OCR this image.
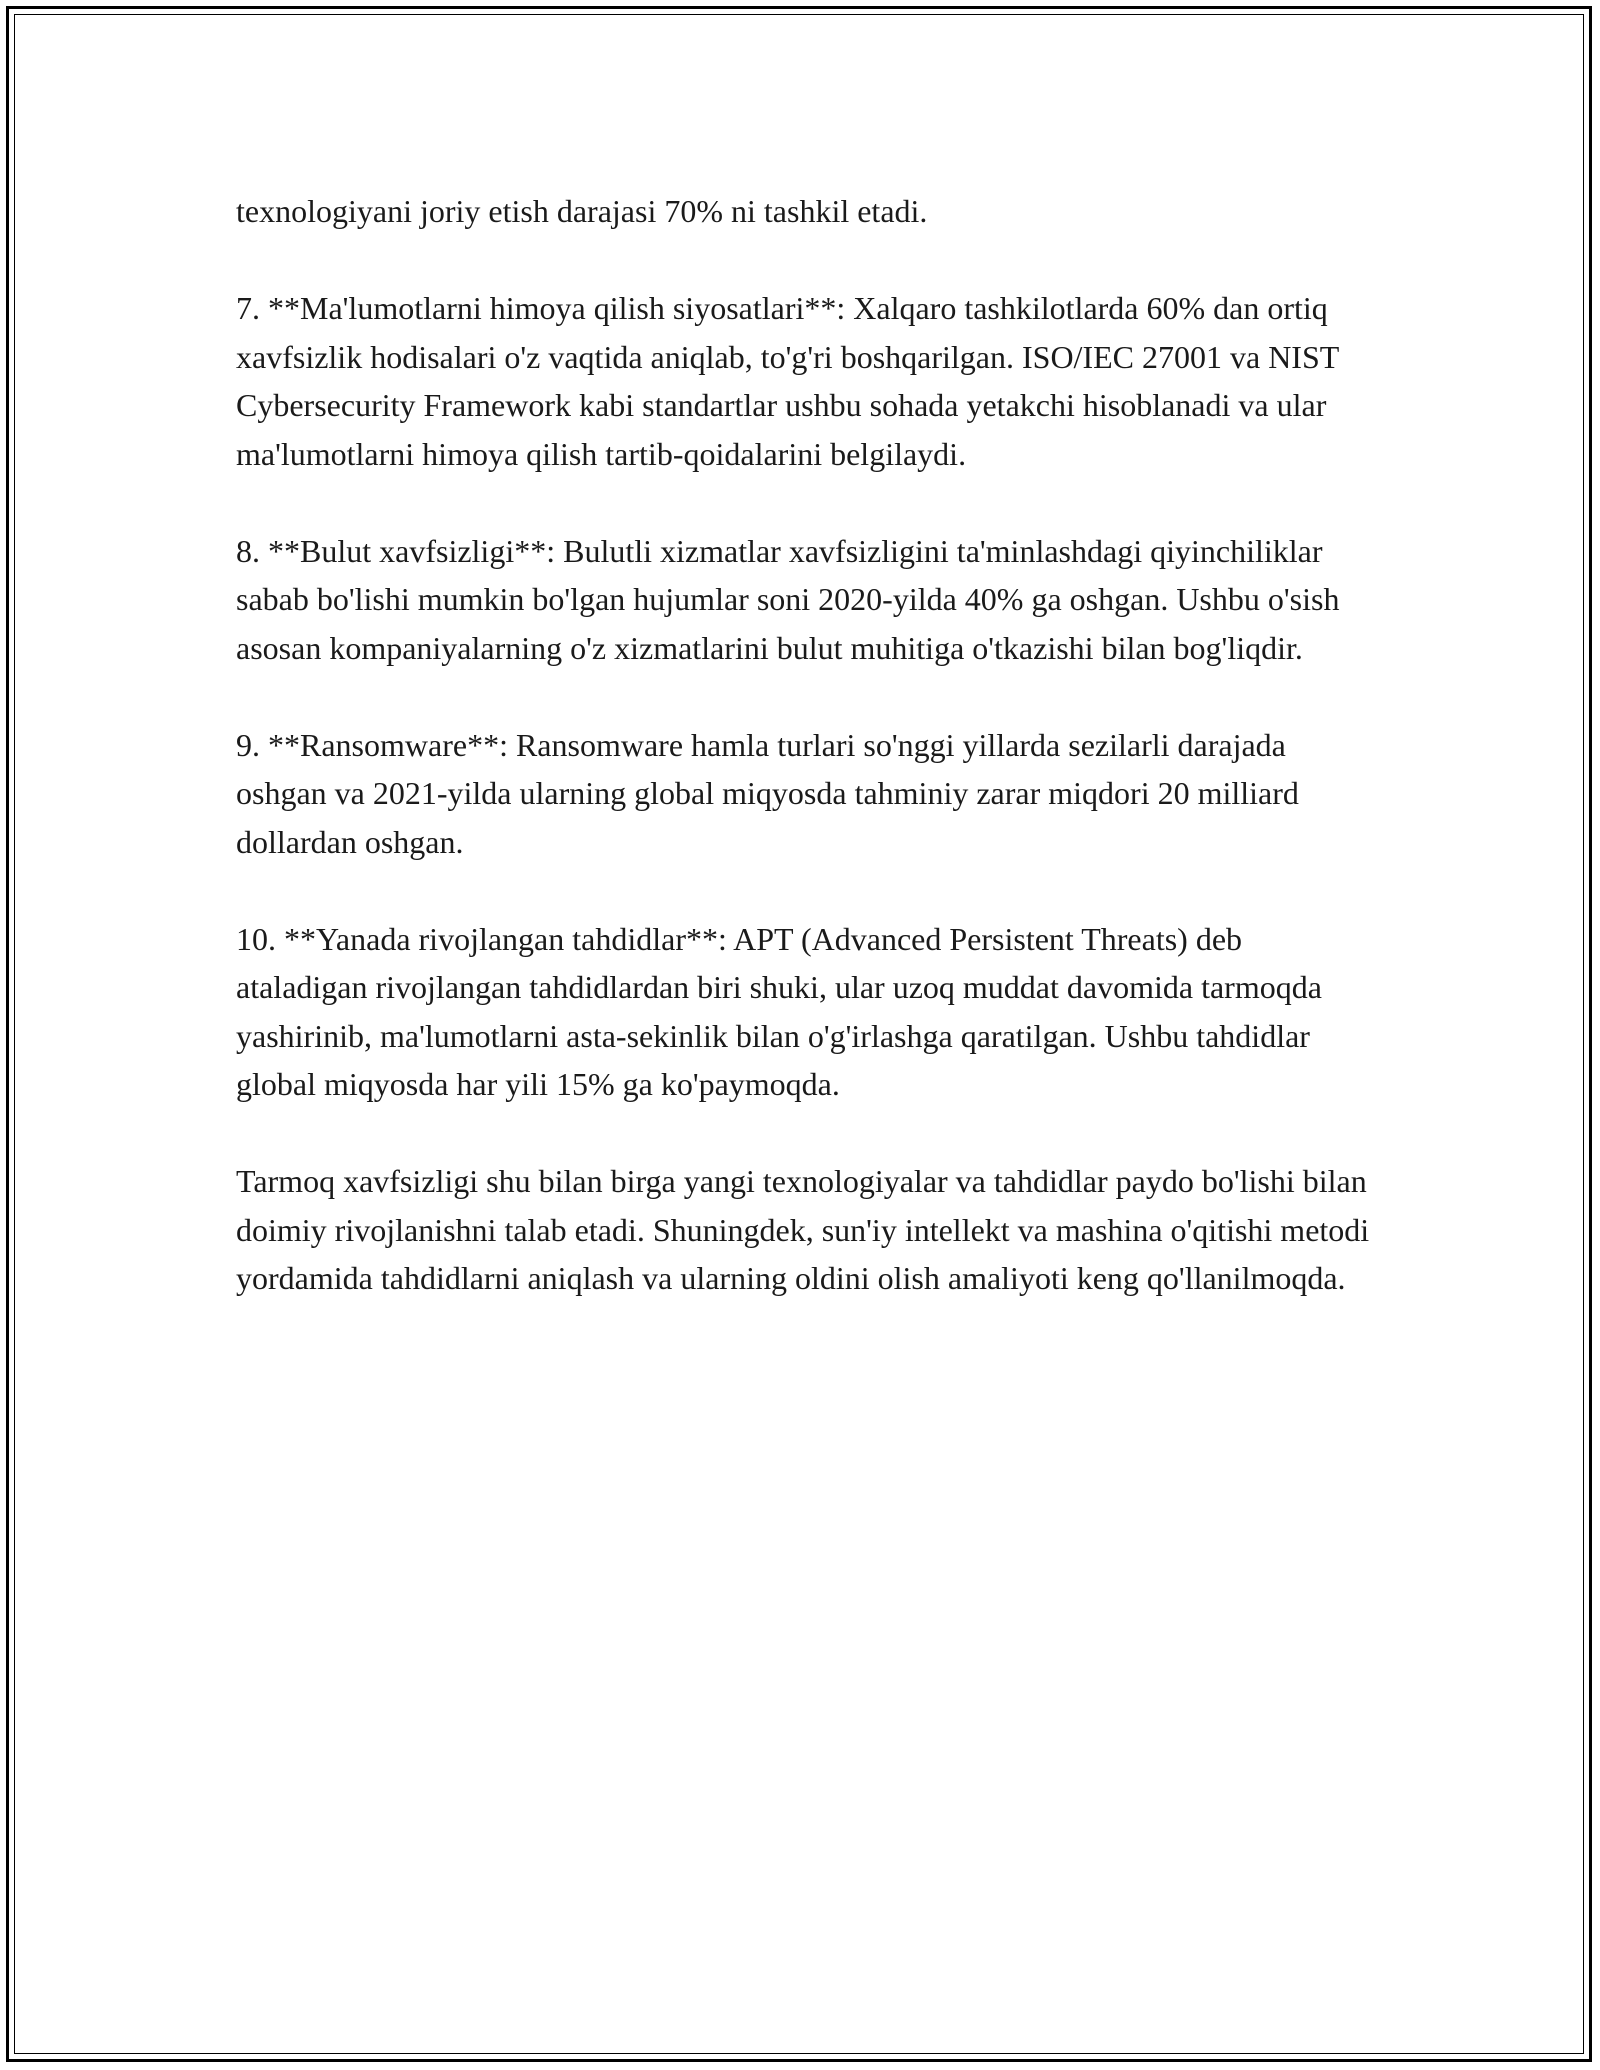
texnologiyani joriy etish darajasi 70% ni tashkil etadi.

7. **Ma'lumotlarni himoya qilish siyosatlari**: Xalqaro tashkilotlarda 60% dan ortiq xavfsizlik hodisalari o'z vaqtida aniqlab, to'g'ri boshqarilgan. ISO/IEC 27001 va NIST Cybersecurity Framework kabi standartlar ushbu sohada yetakchi hisoblanadi va ular ma'lumotlarni himoya qilish tartib-qoidalarini belgilaydi.

8. **Bulut xavfsizligi**: Bulutli xizmatlar xavfsizligini ta'minlashdagi qiyinchiliklar sabab bo'lishi mumkin bo'lgan hujumlar soni 2020-yilda 40% ga oshgan. Ushbu o'sish asosan kompaniyalarning o'z xizmatlarini bulut muhitiga o'tkazishi bilan bog'liqdir.

9. **Ransomware**: Ransomware hamla turlari so'nggi yillarda sezilarli darajada oshgan va 2021-yilda ularning global miqyosda tahminiy zarar miqdori 20 milliard dollardan oshgan.

10. **Yanada rivojlangan tahdidlar**: APT (Advanced Persistent Threats) deb ataladigan rivojlangan tahdidlardan biri shuki, ular uzoq muddat davomida tarmoqda yashirinib, ma'lumotlarni asta-sekinlik bilan o'g'irlashga qaratilgan. Ushbu tahdidlar global miqyosda har yili 15% ga ko'paymoqda.

Tarmoq xavfsizligi shu bilan birga yangi texnologiyalar va tahdidlar paydo bo'lishi bilan doimiy rivojlanishni talab etadi. Shuningdek, sun'iy intellekt va mashina o'qitishi metodi yordamida tahdidlarni aniqlash va ularning oldini olish amaliyoti keng qo'llanilmoqda.
